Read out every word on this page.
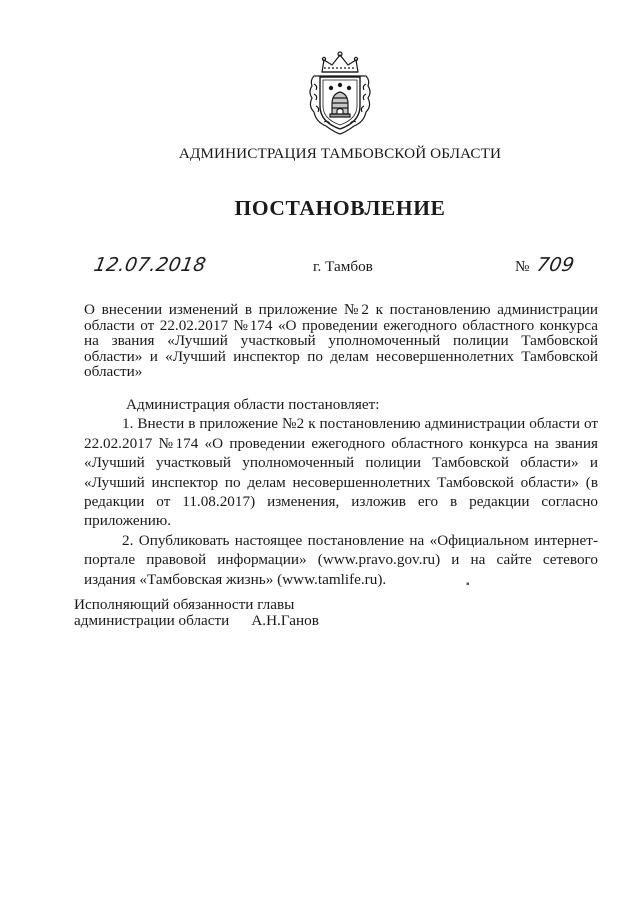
АДМИНИСТРАЦИЯ ТАМБОВСКОЙ ОБЛАСТИ
ПОСТАНОВЛЕНИЕ
12.07.2018	г. Тамбов	№ 709
О внесении изменений в приложение №2 к постановлению администрации области от 22.02.2017 №174 «О проведении ежегодного областного конкурса на звания «Лучший участковый уполномоченный полиции Тамбовской области» и «Лучший инспектор по делам несовершеннолетних Тамбовской области»

Администрация области постановляет:

1. Внести в приложение №2 к постановлению администрации области от 22.02.2017 №174 «О проведении ежегодного областного конкурса на звания «Лучший участковый уполномоченный полиции Тамбовской области» и «Лучший инспектор по делам несовершеннолетних Тамбовской области» (в редакции от 11.08.2017) изменения, изложив его в редакции согласно приложению.

2. Опубликовать настоящее постановление на «Официальном интернет-портале правовой информации» (www.pravo.gov.ru) и на сайте сетевого издания «Тамбовская жизнь» (www.tamlife.ru).	▪
Исполняющий обязанности главы
администрации области А.Н.Ганов
